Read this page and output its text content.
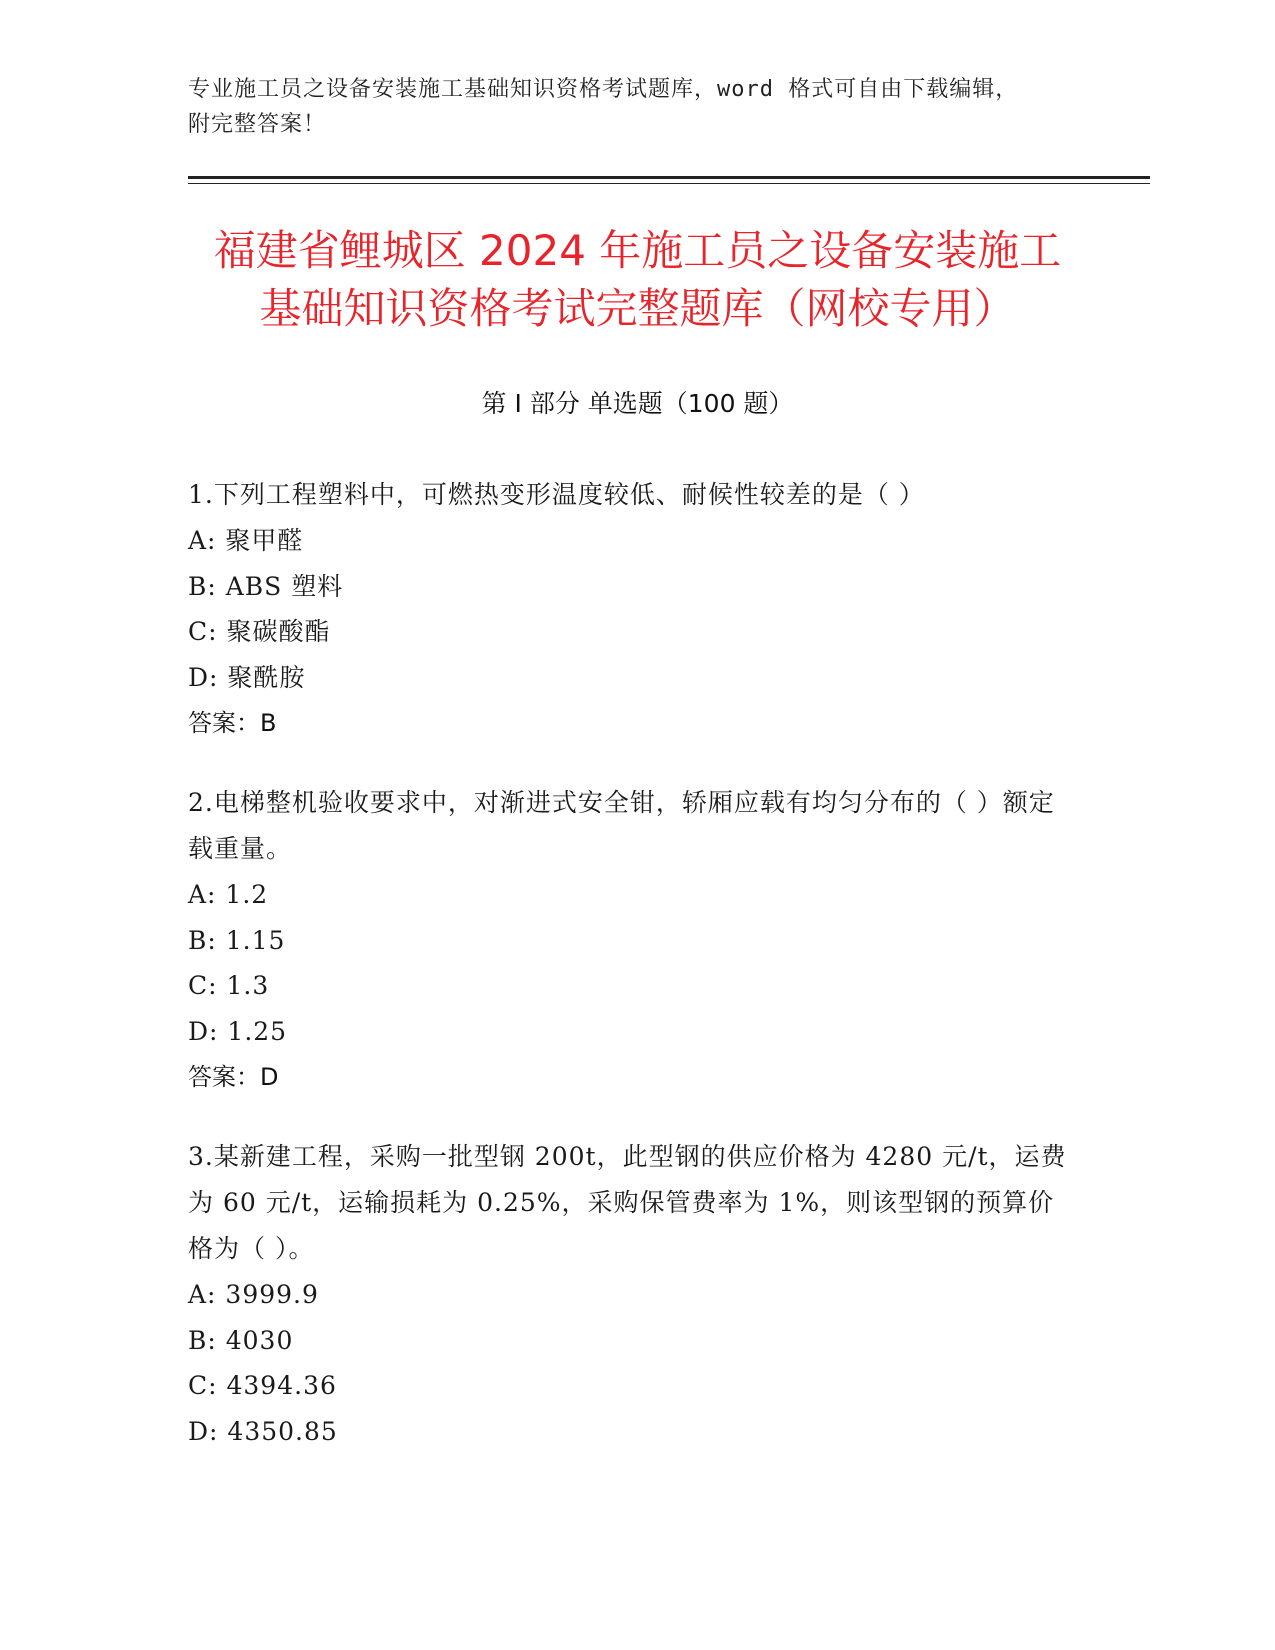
专业施工员之设备安装施工基础知识资格考试题库，word 格式可自由下载编辑，
附完整答案！
福建省鲤城区 2024 年施工员之设备安装施工
基础知识资格考试完整题库（网校专用）
第 I 部分 单选题（100 题）
1.下列工程塑料中，可燃热变形温度较低、耐候性较差的是（ ）
A: 聚甲醛
B: ABS 塑料
C: 聚碳酸酯
D: 聚酰胺
答案：B
2.电梯整机验收要求中，对渐进式安全钳，轿厢应载有均匀分布的（ ）额定载重量。
A: 1.2
B: 1.15
C: 1.3
D: 1.25
答案：D
3.某新建工程，采购一批型钢 200t，此型钢的供应价格为 4280 元/t，运费为 60 元/t，运输损耗为 0.25%，采购保管费率为 1%，则该型钢的预算价格为（ ）。
A: 3999.9
B: 4030
C: 4394.36
D: 4350.85
